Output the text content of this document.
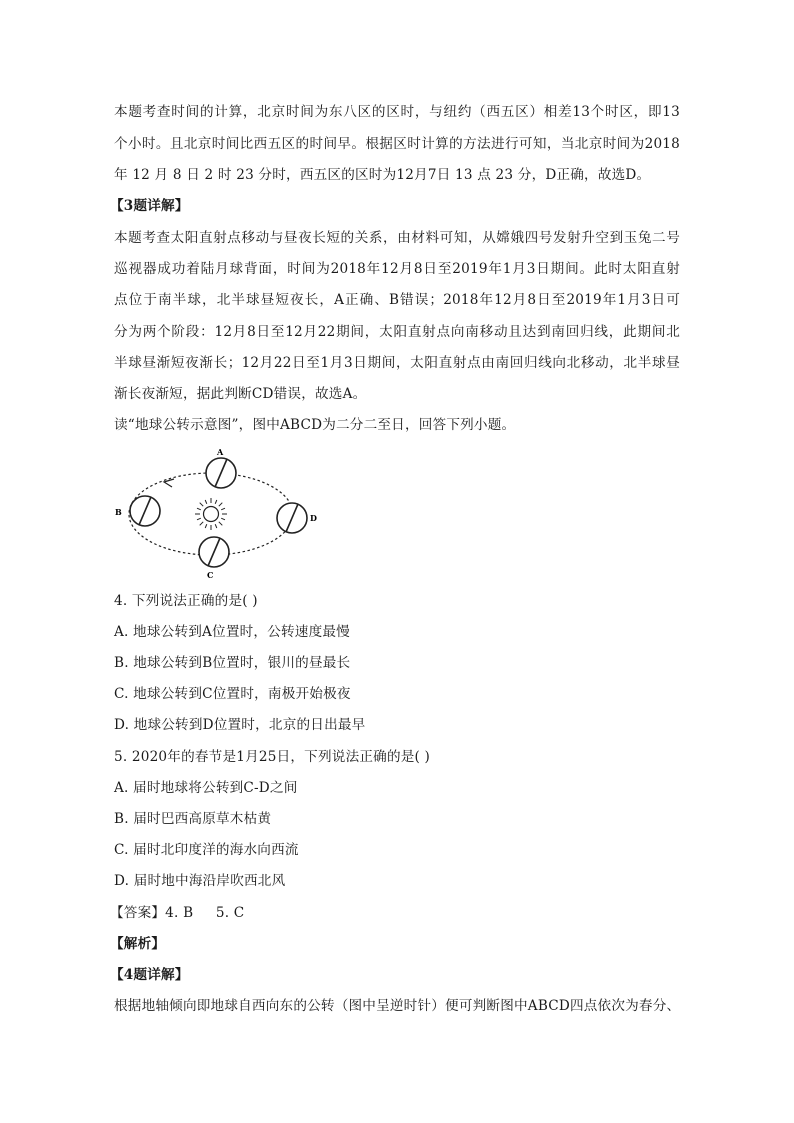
本题考查时间的计算，北京时间为东八区的区时，与纽约（西五区）相差13个时区，即13
个小时。且北京时间比西五区的时间早。根据区时计算的方法进行可知，当北京时间为2018
年 12 月 8 日 2 时 23 分时，西五区的区时为12月7日 13 点 23 分，D正确，故选D。
【3题详解】
本题考查太阳直射点移动与昼夜长短的关系，由材料可知，从嫦娥四号发射升空到玉兔二号
巡视器成功着陆月球背面，时间为2018年12月8日至2019年1月3日期间。此时太阳直射
点位于南半球，北半球昼短夜长，A正确、B错误；2018年12月8日至2019年1月3日可
分为两个阶段：12月8日至12月22期间，太阳直射点向南移动且达到南回归线，此期间北
半球昼渐短夜渐长；12月22日至1月3日期间，太阳直射点由南回归线向北移动，北半球昼
渐长夜渐短，据此判断CD错误，故选A。
读“地球公转示意图”，图中ABCD为二分二至日，回答下列小题。
A
B
C
D
4. 下列说法正确的是( )
A. 地球公转到A位置时，公转速度最慢
B. 地球公转到B位置时，银川的昼最长
C. 地球公转到C位置时，南极开始极夜
D. 地球公转到D位置时，北京的日出最早
5. 2020年的春节是1月25日，下列说法正确的是( )
A. 届时地球将公转到C-D之间
B. 届时巴西高原草木枯黄
C. 届时北印度洋的海水向西流
D. 届时地中海沿岸吹西北风
【答案】4. B     5. C
【解析】
【4题详解】
根据地轴倾向即地球自西向东的公转（图中呈逆时针）便可判断图中ABCD四点依次为春分、
